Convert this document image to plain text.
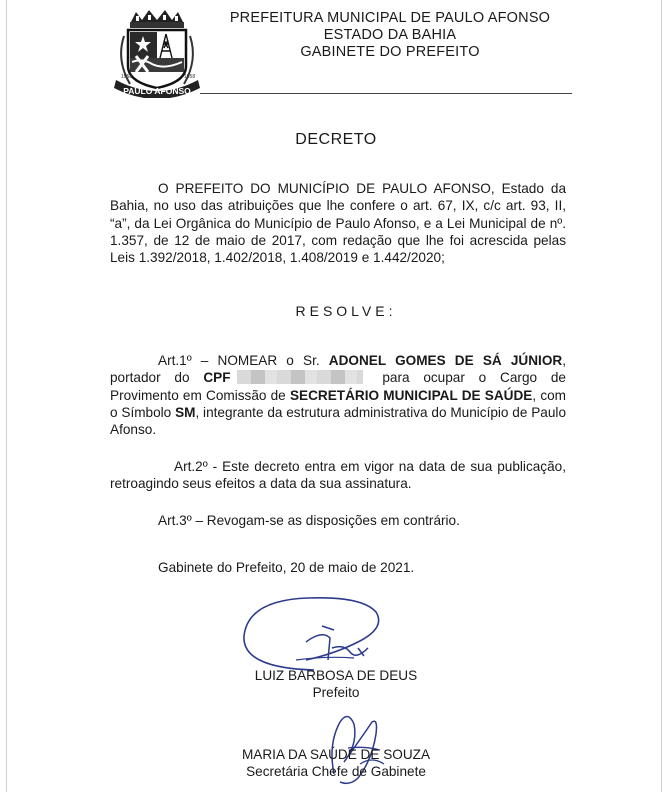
PAULO AFONSO
1958	1958
PREFEITURA MUNICIPAL DE PAULO AFONSO
ESTADO DA BAHIA
GABINETE DO PREFEITO
DECRETO
O PREFEITO DO MUNICÍPIO DE PAULO AFONSO, Estado da Bahia, no uso das atribuições que lhe confere o art. 67, IX, c/c art. 93, II, “a”, da Lei Orgânica do Município de Paulo Afonso, e a Lei Municipal de nº. 1.357, de 12 de maio de 2017, com redação que lhe foi acrescida pelas Leis 1.392/2018, 1.402/2018, 1.408/2019 e 1.442/2020;
RESOLVE:
Art.1º – NOMEAR o Sr. ADONEL GOMES DE SÁ JÚNIOR, portador do CPF	para ocupar o Cargo de Provimento em Comissão de SECRETÁRIO MUNICIPAL DE SAÚDE, com o Símbolo SM, integrante da estrutura administrativa do Município de Paulo Afonso.
Art.2º - Este decreto entra em vigor na data de sua publicação, retroagindo seus efeitos a data da sua assinatura.
Art.3º – Revogam-se as disposições em contrário.
Gabinete do Prefeito, 20 de maio de 2021.
LUIZ BARBOSA DE DEUS
Prefeito
MARIA DA SAÚDE DE SOUZA
Secretária Chefe de Gabinete
